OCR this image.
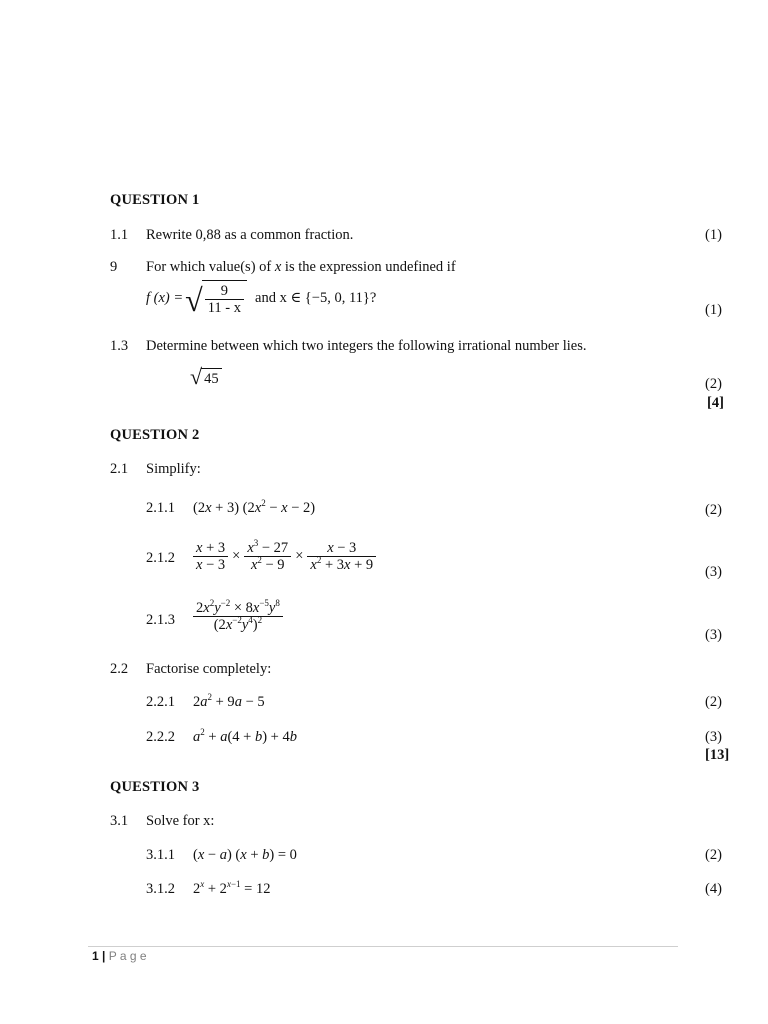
QUESTION 1
1.1 Rewrite 0,88 as a common fraction.	(1)
9 For which value(s) of x is the expression undefined if
f (x) = √ $\frac{9}{11 - x}$ and x ∈ {−5, 0, 11}?
(1)
1.3 Determine between which two integers the following irrational number lies.
√ 45	(2)
[4]
QUESTION 2
2.1 Simplify:
2.1.1 (2x + 3) $(2x^2 - x - 2)$	(2)
$2.1.2 \frac{x + 3}{x - 3} \times \frac{x^3 - 27}{x^2 - 9} \times \frac{x - 3}{x^2 + 3x + 9}$	(3)
$2.1.3 \frac{2x^2y^{-2} \times 8x^{-5}y^8}{(2x^{-2}y^4)^2}$
(3)
2.2 Factorise completely:
2.2.1 $2a^2 + 9a - 5$	(2)
2.2.2 $a^2 + a(4 + b) + 4b$	(3)
[13]
QUESTION 3
3.1 Solve for x:
3.1.1 (x − a) (x + b) = 0	(2)
3.1.2 $2^x + 2^{x-1} = 12$	(4)
1 | P a g e
